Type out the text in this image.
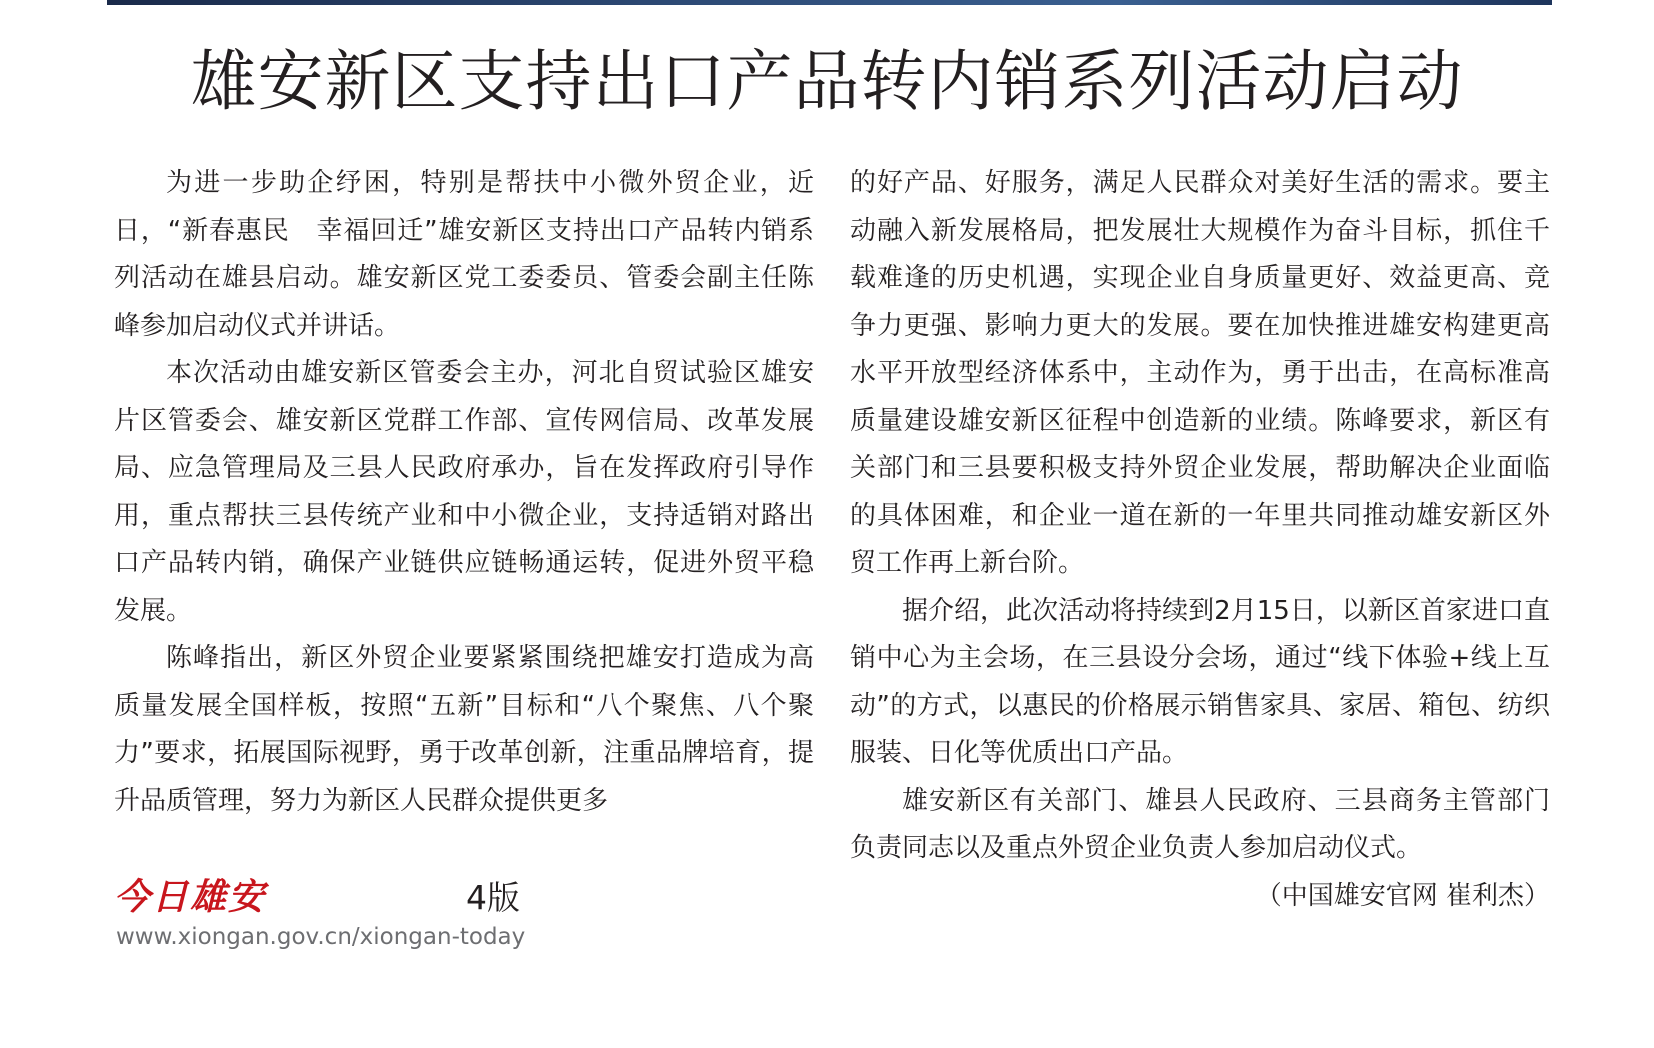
雄安新区支持出口产品转内销系列活动启动

为进一步助企纾困，特别是帮扶中小微外贸企业，近日，“新春惠民　幸福回迁”雄安新区支持出口产品转内销系列活动在雄县启动。雄安新区党工委委员、管委会副主任陈峰参加启动仪式并讲话。

本次活动由雄安新区管委会主办，河北自贸试验区雄安片区管委会、雄安新区党群工作部、宣传网信局、改革发展局、应急管理局及三县人民政府承办，旨在发挥政府引导作用，重点帮扶三县传统产业和中小微企业，支持适销对路出口产品转内销，确保产业链供应链畅通运转，促进外贸平稳发展。

陈峰指出，新区外贸企业要紧紧围绕把雄安打造成为高质量发展全国样板，按照“五新”目标和“八个聚焦、八个聚力”要求，拓展国际视野，勇于改革创新，注重品牌培育，提升品质管理，努力为新区人民群众提供更多

的好产品、好服务，满足人民群众对美好生活的需求。要主动融入新发展格局，把发展壮大规模作为奋斗目标，抓住千载难逢的历史机遇，实现企业自身质量更好、效益更高、竞争力更强、影响力更大的发展。要在加快推进雄安构建更高水平开放型经济体系中，主动作为，勇于出击，在高标准高质量建设雄安新区征程中创造新的业绩。陈峰要求，新区有关部门和三县要积极支持外贸企业发展，帮助解决企业面临的具体困难，和企业一道在新的一年里共同推动雄安新区外贸工作再上新台阶。

据介绍，此次活动将持续到2月15日，以新区首家进口直销中心为主会场，在三县设分会场，通过“线下体验+线上互动”的方式，以惠民的价格展示销售家具、家居、箱包、纺织服装、日化等优质出口产品。

雄安新区有关部门、雄县人民政府、三县商务主管部门负责同志以及重点外贸企业负责人参加启动仪式。

（中国雄安官网 崔利杰）

今日雄安	4版
www.xiongan.gov.cn/xiongan-today
